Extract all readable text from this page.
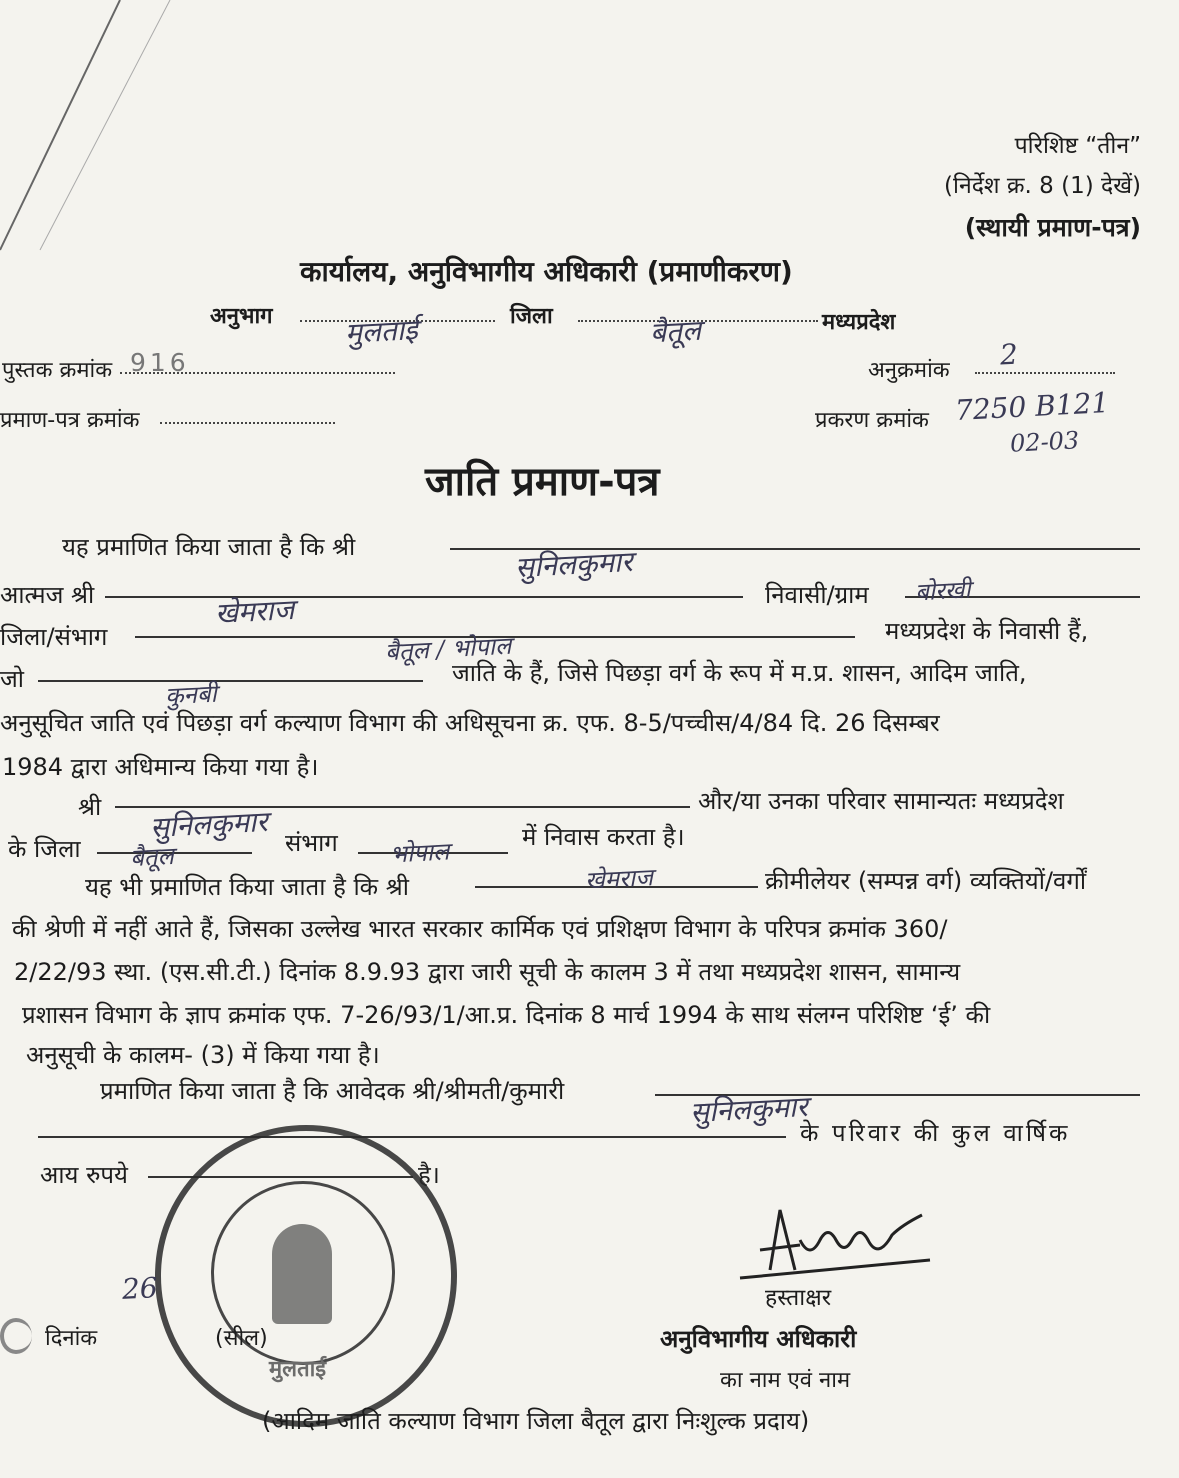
परिशिष्ट “तीन”
(निर्देश क्र. 8 (1) देखें)
(स्थायी प्रमाण-पत्र)
कार्यालय, अनुविभागीय अधिकारी (प्रमाणीकरण)
अनुभाग	मुलताई	जिला	बैतूल	मध्यप्रदेश
पुस्तक क्रमांक 916	अनुक्रमांक 2
प्रमाण-पत्र क्रमांक	प्रकरण क्रमांक 7250 B121
02-03
जाति प्रमाण-पत्र
यह प्रमाणित किया जाता है कि श्री	सुनिलकुमार
आत्मज श्री	खेमराज	निवासी/ग्राम बोरखी
जिला/संभाग	बैतूल / भोपाल
मध्यप्रदेश के निवासी हैं,
जो
कुनबी
जाति के हैं, जिसे पिछड़ा वर्ग के रूप में म.प्र. शासन, आदिम जाति,
अनुसूचित जाति एवं पिछड़ा वर्ग कल्याण विभाग की अधिसूचना क्र. एफ. 8-5/पच्चीस/4/84 दि. 26 दिसम्बर
1984 द्वारा अधिमान्य किया गया है।
श्री सुनिलकुमार
और/या उनका परिवार सामान्यतः मध्यप्रदेश
के जिला बैतूल	संभाग भोपाल
में निवास करता है।
यह भी प्रमाणित किया जाता है कि श्री	खेमराज	क्रीमीलेयर (सम्पन्न वर्ग) व्यक्तियों/वर्गों
की श्रेणी में नहीं आते हैं, जिसका उल्लेख भारत सरकार कार्मिक एवं प्रशिक्षण विभाग के परिपत्र क्रमांक 360/
2/22/93 स्था. (एस.सी.टी.) दिनांक 8.9.93 द्वारा जारी सूची के कालम 3 में तथा मध्यप्रदेश शासन, सामान्य
प्रशासन विभाग के ज्ञाप क्रमांक एफ. 7-26/93/1/आ.प्र. दिनांक 8 मार्च 1994 के साथ संलग्न परिशिष्ट ‘ई’ की
अनुसूची के कालम- (3) में किया गया है।
प्रमाणित किया जाता है कि आवेदक श्री/श्रीमती/कुमारी	सुनिलकुमार
के परिवार की कुल वार्षिक
आय रुपये	है।
मुलताई
हस्ताक्षर
26
दिनांक	(सील)	अनुविभागीय अधिकारी
का नाम एवं नाम
(आदिम जाति कल्याण विभाग जिला बैतूल द्वारा निःशुल्क प्रदाय)
